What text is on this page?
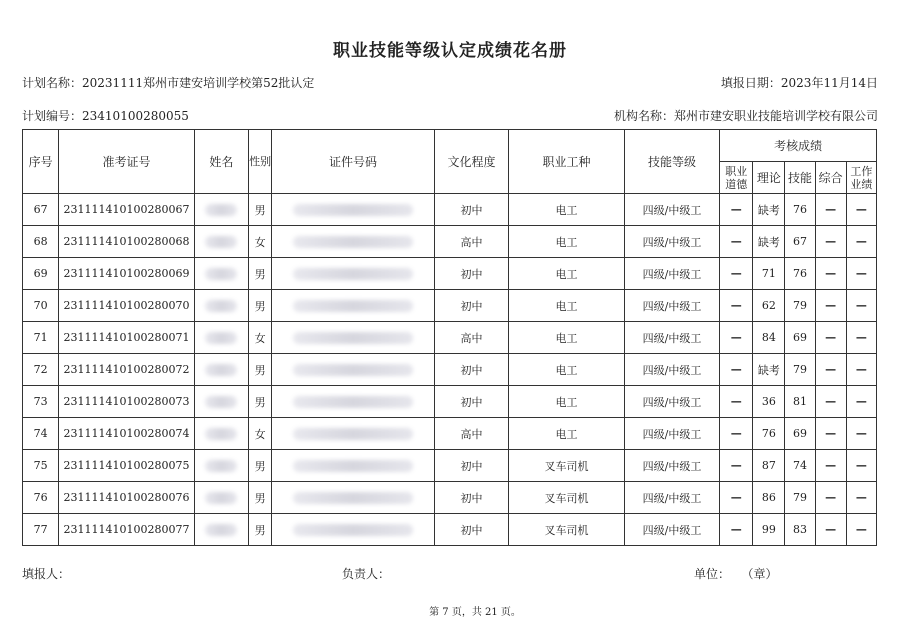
职业技能等级认定成绩花名册
计划名称：20231111郑州市建安培训学校第52批认定	填报日期：2023年11月14日
计划编号：23410100280055	机构名称：郑州市建安职业技能培训学校有限公司
序号	准考证号	姓名	性别	证件号码	文化程度	职业工种	技能等级	考核成绩				
								职业道德	理论	技能	综合	工作业绩
67	231111410100280067		男		初中	电工	四级/中级工	—	缺考	76	—	—
68	231111410100280068		女		高中	电工	四级/中级工	—	缺考	67	—	—
69	231111410100280069		男		初中	电工	四级/中级工	—	71	76	—	—
70	231111410100280070		男		初中	电工	四级/中级工	—	62	79	—	—
71	231111410100280071		女		高中	电工	四级/中级工	—	84	69	—	—
72	231111410100280072		男		初中	电工	四级/中级工	—	缺考	79	—	—
73	231111410100280073		男		初中	电工	四级/中级工	—	36	81	—	—
74	231111410100280074		女		高中	电工	四级/中级工	—	76	69	—	—
75	231111410100280075		男		初中	叉车司机	四级/中级工	—	87	74	—	—
76	231111410100280076		男		初中	叉车司机	四级/中级工	—	86	79	—	—
77	231111410100280077		男		初中	叉车司机	四级/中级工	—	99	83	—	—
填报人：	负责人：	单位： （章）
第 7 页，共 21 页。
